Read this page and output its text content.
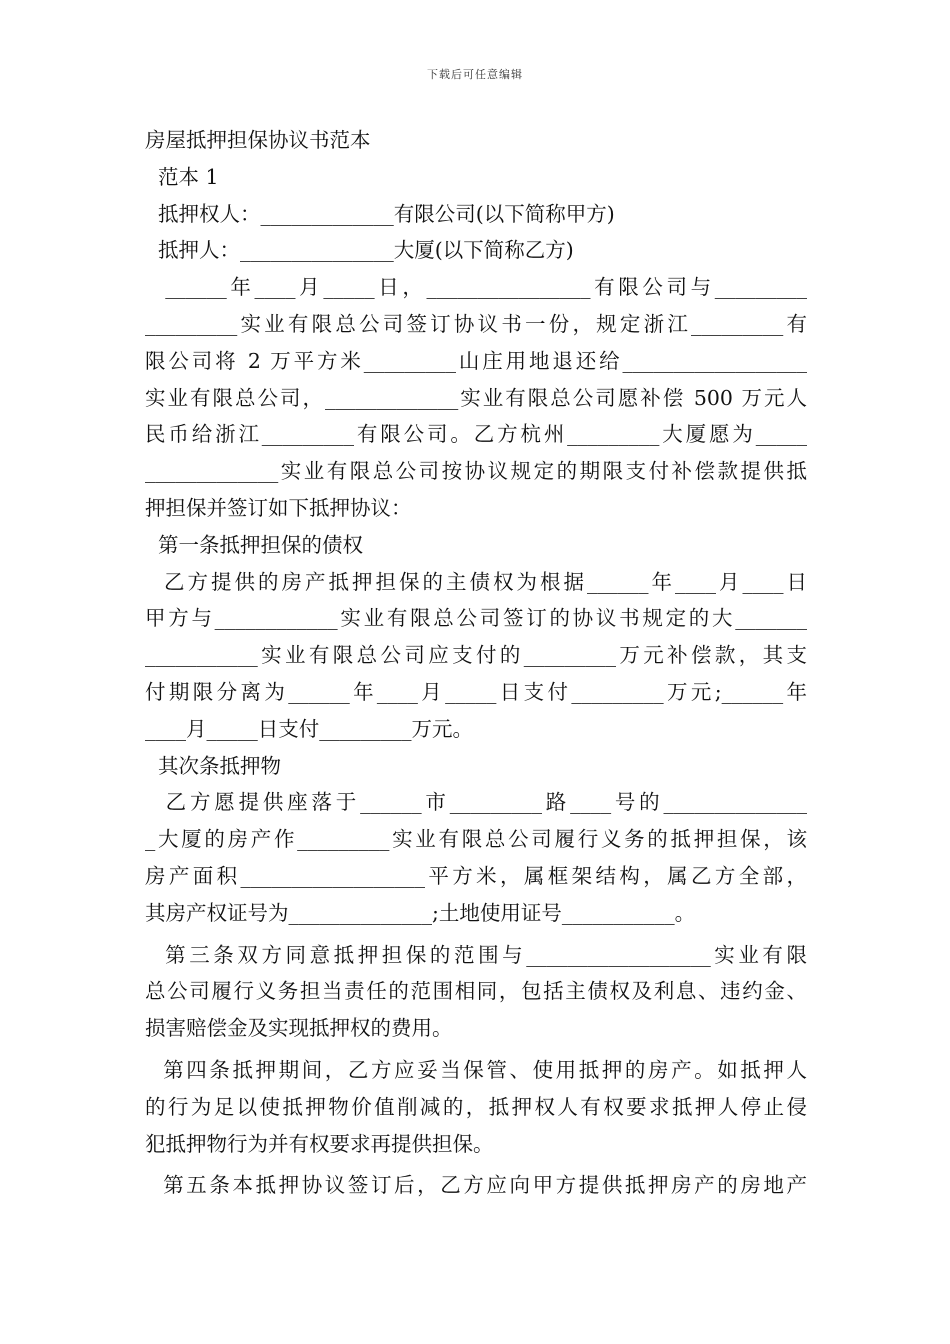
下载后可任意编辑
房屋抵押担保协议书范本
范本 1
抵押权人：_____________有限公司(以下简称甲方)
抵押人：_______________大厦(以下简称乙方)
______年____月_____日，________________有限公司与_________
_________实业有限总公司签订协议书一份，规定浙江_________有
限公司将 2 万平方米_________山庄用地退还给__________________
实业有限总公司，_____________实业有限总公司愿补偿 500 万元人
民币给浙江_________有限公司。乙方杭州_________大厦愿为_____
_____________实业有限总公司按协议规定的期限支付补偿款提供抵
押担保并签订如下抵押协议：
第一条抵押担保的债权
乙方提供的房产抵押担保的主债权为根据______年____月____日
甲方与____________实业有限总公司签订的协议书规定的大_______
___________实业有限总公司应支付的_________万元补偿款，其支
付期限分离为______年____月_____日支付_________万元;______年
____月_____日支付_________万元。
其次条抵押物
乙方愿提供座落于______市_________路____号的______________
_大厦的房产作_________实业有限总公司履行义务的抵押担保，该
房产面积__________________平方米，属框架结构，属乙方全部，
其房产权证号为______________;土地使用证号___________。
第三条双方同意抵押担保的范围与__________________实业有限
总公司履行义务担当责任的范围相同，包括主债权及利息、违约金、
损害赔偿金及实现抵押权的费用。
第四条抵押期间，乙方应妥当保管、使用抵押的房产。如抵押人
的行为足以使抵押物价值削减的，抵押权人有权要求抵押人停止侵
犯抵押物行为并有权要求再提供担保。
第五条本抵押协议签订后，乙方应向甲方提供抵押房产的房地产
